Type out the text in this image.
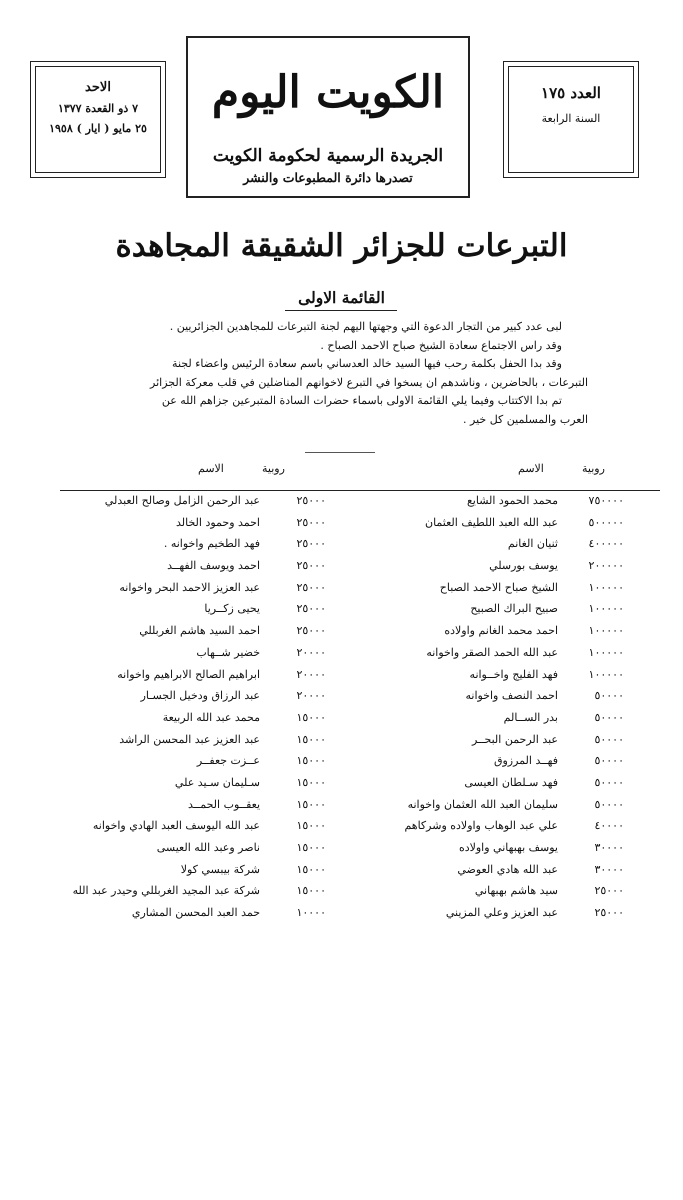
الاحد
٧ ذو القعدة ١٣٧٧
٢٥ مايو ( ايار ) ١٩٥٨
الكويت اليوم
الجريدة الرسمية لحكومة الكويت
تصدرها دائرة المطبوعات والنشر
العدد ١٧٥
السنة الرابعة
التبرعات للجزائر الشقيقة المجاهدة
القائمة الاولى

لبى عدد كبير من التجار الدعوة التي وجهتها اليهم لجنة التبرعات للمجاهدين الجزائريين .

وقد راس الاجتماع سعادة الشيخ صباح الاحمد الصباح .

وقد بدا الحفل بكلمة رحب فيها السيد خالد العدساني باسم سعادة الرئيس واعضاء لجنة

التبرعات ، بالحاضرين ، وناشدهم ان يسخوا في التبرع لاخوانهم المناضلين في قلب معركة الجزائر

تم بدا الاكتتاب وفيما يلي القائمة الاولى باسماء حضرات السادة المتبرعين جزاهم الله عن

العرب والمسلمين كل خير .

روبية
الاسم
روبية
الاسم
٧٥٠٠٠٠
محمد الحمود الشايع
٥٠٠٠٠٠
عبد الله العبد اللطيف العثمان
٤٠٠٠٠٠
ثنيان الغانم
٢٠٠٠٠٠
يوسف بورسلي
١٠٠٠٠٠
الشيخ صباح الاحمد الصباح
١٠٠٠٠٠
صبيح البراك الصبيح
١٠٠٠٠٠
احمد محمد الغانم واولاده
١٠٠٠٠٠
عبد الله الحمد الصقر واخوانه
١٠٠٠٠٠
فهد الفليج واخــوانه
٥٠٠٠٠
احمد النصف واخوانه
٥٠٠٠٠
بدر الســالم
٥٠٠٠٠
عبد الرحمن البحــر
٥٠٠٠٠
فهــد المرزوق
٥٠٠٠٠
فهد سـلطان العيسى
٥٠٠٠٠
سليمان العبد الله العثمان واخوانه
٤٠٠٠٠
علي عبد الوهاب واولاده وشركاهم
٣٠٠٠٠
يوسف بهبهاني واولاده
٣٠٠٠٠
عبد الله هادي العوضي
٢٥٠٠٠
سيد هاشم بهبهاني
٢٥٠٠٠
عبد العزيز وعلي المزيني
٢٥٠٠٠
عبد الرحمن الزامل وصالح العبدلي
٢٥٠٠٠
احمد وحمود الخالد
٢٥٠٠٠
فهد الطخيم واخوانه .
٢٥٠٠٠
احمد ويوسف الفهــد
٢٥٠٠٠
عبد العزيز الاحمد البحر واخوانه
٢٥٠٠٠
يحيى زكــريا
٢٥٠٠٠
احمد السيد هاشم الغربللي
٢٠٠٠٠
خضير شــهاب
٢٠٠٠٠
ابراهيم الصالح الابراهيم واخوانه
٢٠٠٠٠
عبد الرزاق ودخيل الجسـار
١٥٠٠٠
محمد عبد الله الربيعة
١٥٠٠٠
عبد العزيز عبد المحسن الراشد
١٥٠٠٠
عــزت جعفــر
١٥٠٠٠
سـليمان سـيد علي
١٥٠٠٠
يعقــوب الحمــد
١٥٠٠٠
عبد الله اليوسف العبد الهادي واخوانه
١٥٠٠٠
ناصر وعبد الله العيسى
١٥٠٠٠
شركة بيبسي كولا
١٥٠٠٠
شركة عبد المجيد الغربللي وحيدر عبد الله
١٠٠٠٠
حمد العبد المحسن المشاري
